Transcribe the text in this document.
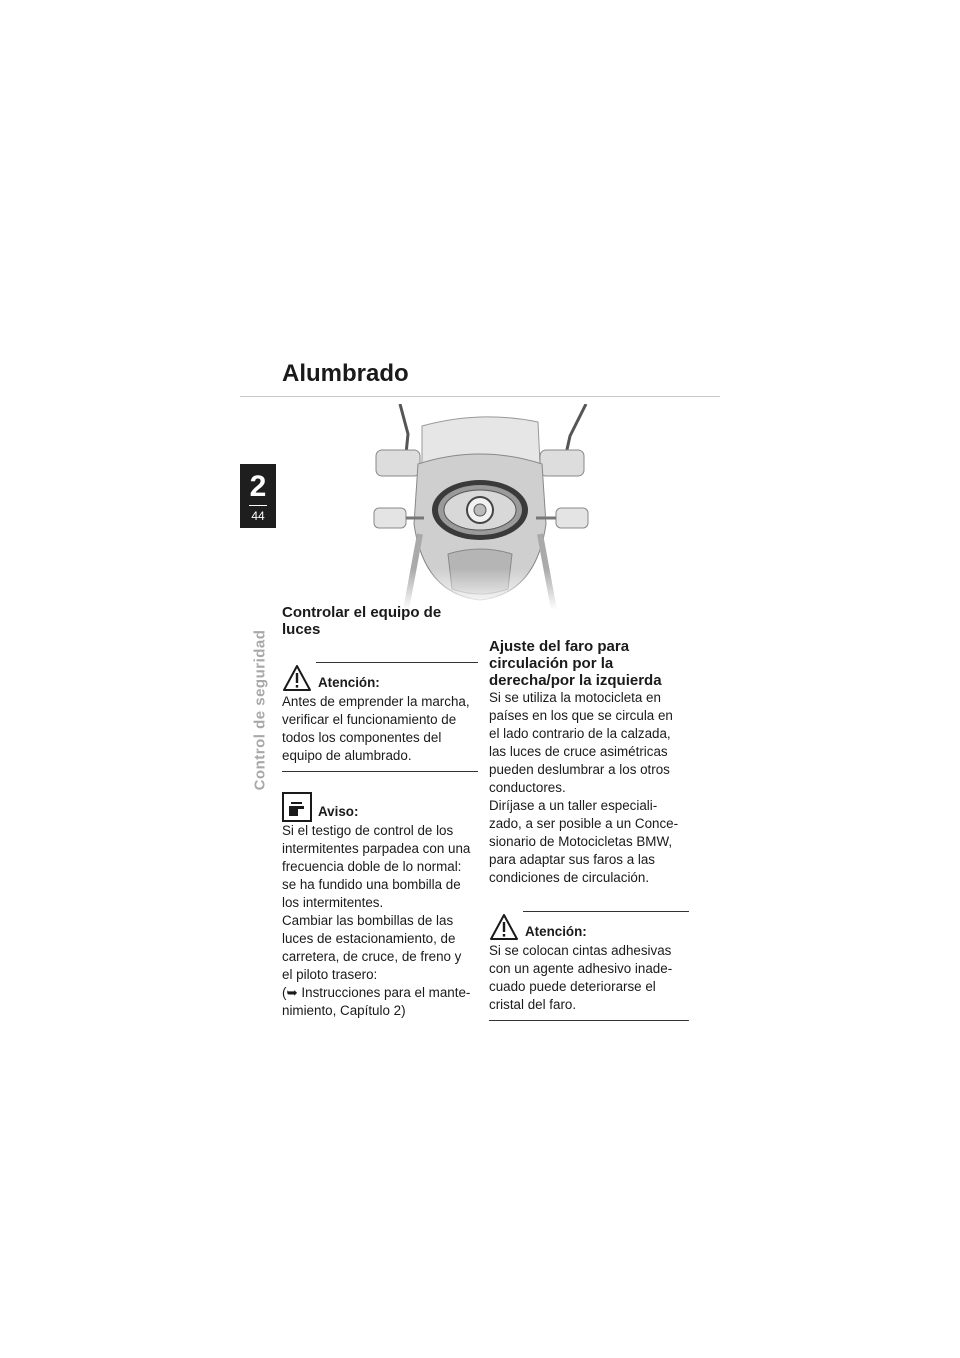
Alumbrado
2
44
Control de seguridad
Controlar el equipo de
luces
Atención:
Antes de emprender la marcha,
verificar el funcionamiento de
todos los componentes del
equipo de alumbrado.
Aviso:
Si el testigo de control de los
intermitentes parpadea con una
frecuencia doble de lo normal:
se ha fundido una bombilla de
los intermitentes.
Cambiar las bombillas de las
luces de estacionamiento, de
carretera, de cruce, de freno y
el piloto trasero:
(➥ Instrucciones para el mante-
nimiento, Capítulo 2)
Ajuste del faro para
circulación por la
derecha/por la izquierda
Si se utiliza la motocicleta en
países en los que se circula en
el lado contrario de la calzada,
las luces de cruce asimétricas
pueden deslumbrar a los otros
conductores.
Diríjase a un taller especiali-
zado, a ser posible a un Conce-
sionario de Motocicletas BMW,
para adaptar sus faros a las
condiciones de circulación.
Atención:
Si se colocan cintas adhesivas
con un agente adhesivo inade-
cuado puede deteriorarse el
cristal del faro.
